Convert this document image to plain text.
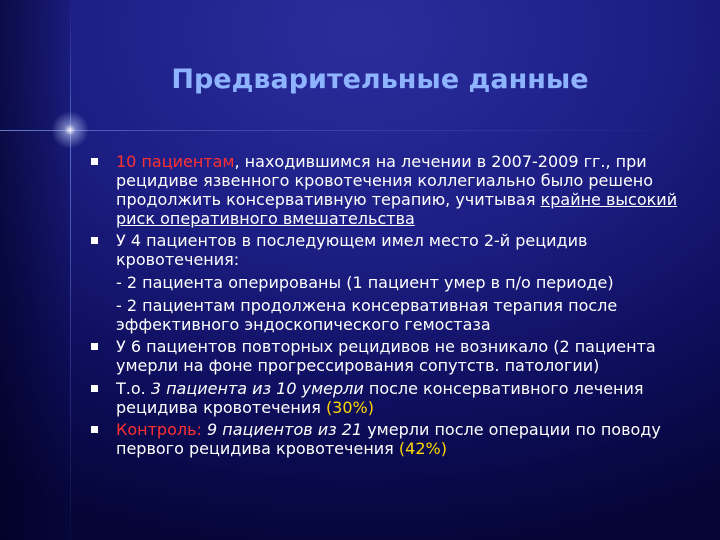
Предварительные данные
10 пациентам, находившимся на лечении в 2007-2009 гг., при рецидиве язвенного кровотечения коллегиально было решено продолжить консервативную терапию, учитывая крайне высокий риск оперативного вмешательства
У 4 пациентов в последующем имел место 2-й рецидив кровотечения:
- 2 пациента оперированы (1 пациент умер в п/о периоде)
- 2 пациентам продолжена консервативная терапия после эффективного эндоскопического гемостаза
У 6 пациентов повторных рецидивов не возникало (2 пациента умерли на фоне прогрессирования сопутств. патологии)
Т.о. 3 пациента из 10 умерли после консервативного лечения рецидива кровотечения (30%)
Контроль: 9 пациентов из 21 умерли после операции по поводу первого рецидива кровотечения (42%)
